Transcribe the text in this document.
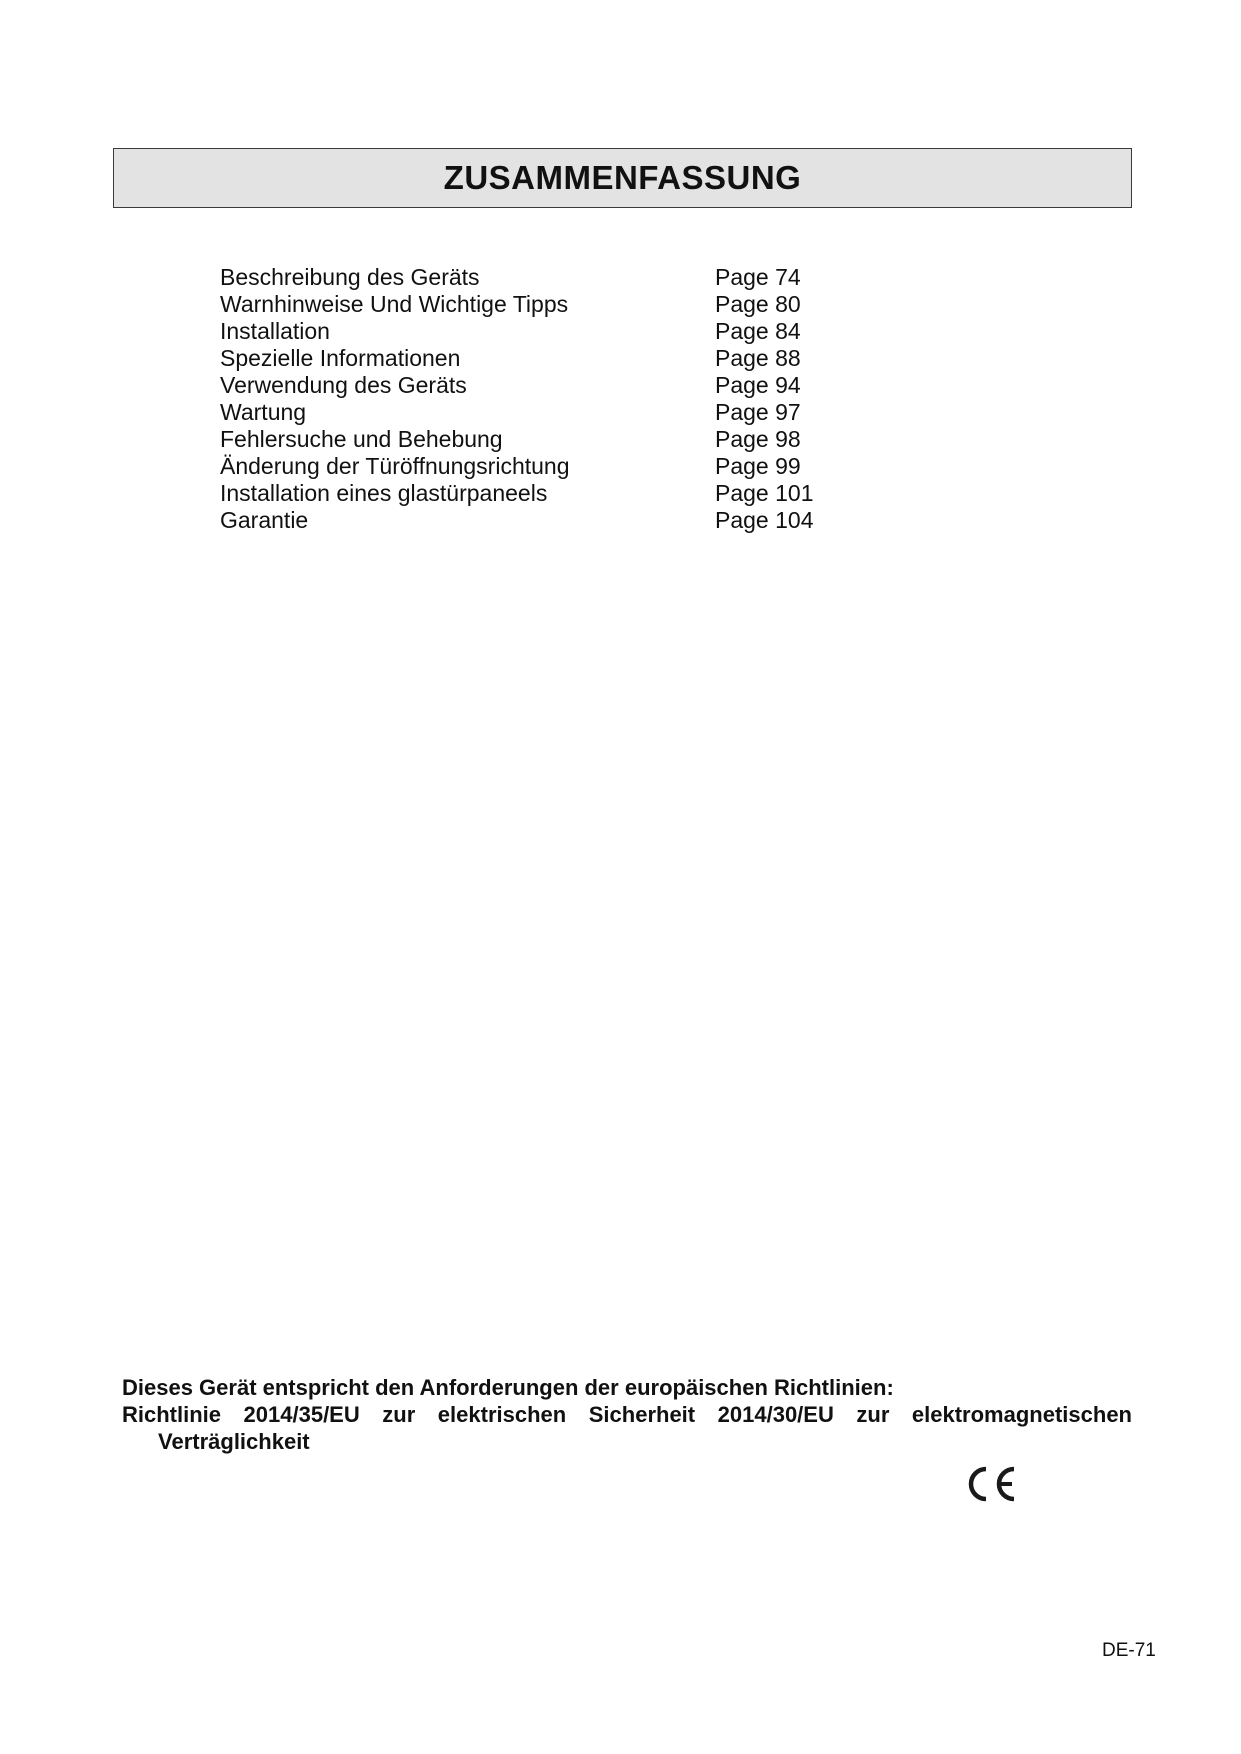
ZUSAMMENFASSUNG
Beschreibung des Geräts	Page 74
Warnhinweise Und Wichtige Tipps	Page 80
Installation	Page 84
Spezielle Informationen	Page 88
Verwendung des Geräts	Page 94
Wartung	Page 97
Fehlersuche und Behebung	Page 98
Änderung der Türöffnungsrichtung	Page 99
Installation eines glastürpaneels	Page 101
Garantie	Page 104
Dieses Gerät entspricht den Anforderungen der europäischen Richtlinien:
Richtlinie 2014/35/EU zur elektrischen Sicherheit 2014/30/EU zur elektromagnetischen
Verträglichkeit
DE-71
